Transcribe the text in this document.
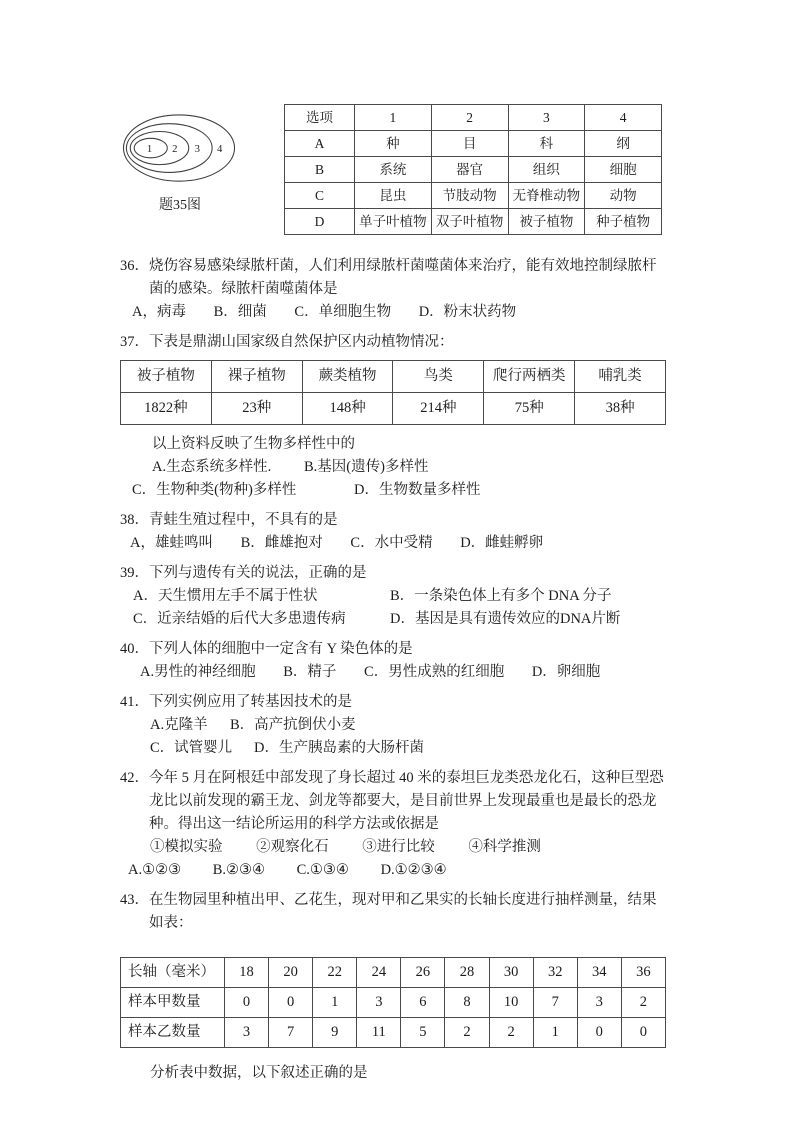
1 2 3 4
题35图
选项	1	2	3	4
A	种	目	科	纲
B	系统	器官	组织	细胞
C	昆虫	节肢动物	无脊椎动物	动物
D	单子叶植物	双子叶植物	被子植物	种子植物

36．烧伤容易感染绿脓杆菌，人们利用绿脓杆菌噬菌体来治疗，能有效地控制绿脓杆菌的感染。绿脓杆菌噬菌体是

A，病毒 B．细菌 C．单细胞生物 D．粉末状药物

37．下表是鼎湖山国家级自然保护区内动植物情况：

被子植物	裸子植物	蕨类植物	鸟类	爬行两栖类	哺乳类
1822种	23种	148种	214种	75种	38种

以上资料反映了生物多样性中的

A.生态系统多样性.	B.基因(遗传)多样性
C．生物种类(物种)多样性	D．生物数量多样性

38．青蛙生殖过程中，不具有的是

A，雄蛙鸣叫 B．雌雄抱对 C．水中受精 D．雌蛙孵卵

39．下列与遗传有关的说法，正确的是

A．天生惯用左手不属于性状	B．一条染色体上有多个 DNA 分子
C．近亲结婚的后代大多患遗传病	D．基因是具有遗传效应的DNA片断

40．下列人体的细胞中一定含有 Y 染色体的是

A.男性的神经细胞 B．精子 C．男性成熟的红细胞 D．卵细胞

41．下列实例应用了转基因技术的是

A.克隆羊	B．高产抗倒伏小麦
C．试管婴儿	D．生产胰岛素的大肠杆菌

42．今年 5 月在阿根廷中部发现了身长超过 40 米的泰坦巨龙类恐龙化石，这种巨型恐龙比以前发现的霸王龙、剑龙等都要大，是目前世界上发现最重也是最长的恐龙种。得出这一结论所运用的科学方法或依据是

①模拟实验 ②观察化石 ③进行比较 ④科学推测

A.①②③ B.②③④ C.①③④ D.①②③④

43．在生物园里种植出甲、乙花生，现对甲和乙果实的长轴长度进行抽样测量，结果如表：

长轴（毫米）	18	20	22	24	26	28	30	32	34	36
样本甲数量	0	0	1	3	6	8	10	7	3	2
样本乙数量	3	7	9	11	5	2	2	1	0	0

分析表中数据，以下叙述正确的是
